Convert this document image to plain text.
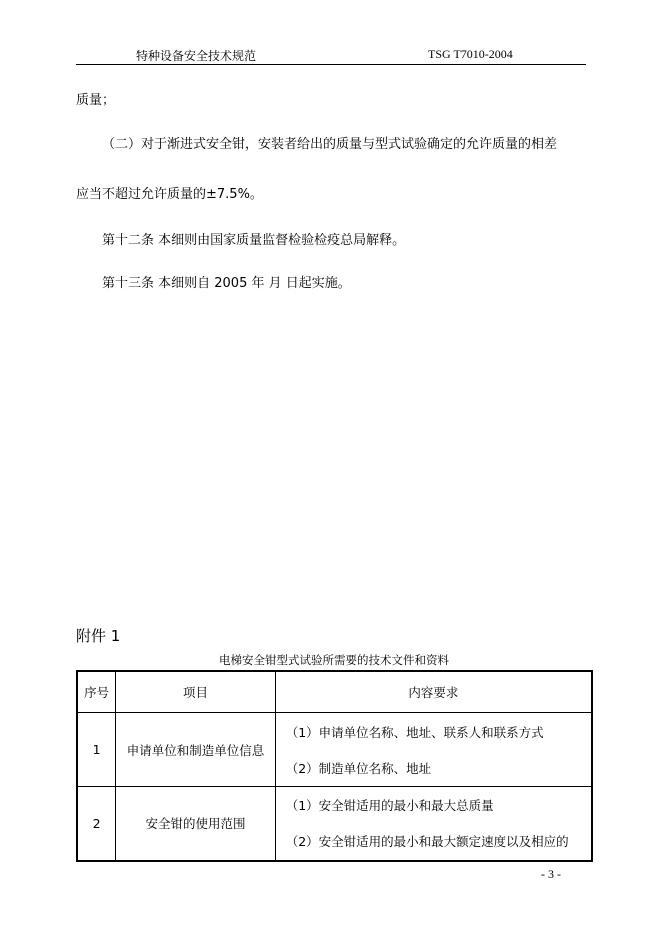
特种设备安全技术规范	TSG T7010-2004
质量；
（二）对于渐进式安全钳，安装者给出的质量与型式试验确定的允许质量的相差
应当不超过允许质量的±7.5%。
第十二条 本细则由国家质量监督检验检疫总局解释。
第十三条 本细则自 2005 年 月 日起实施。
附件 1
电梯安全钳型式试验所需要的技术文件和资料
序号	项目	内容要求
1	申请单位和制造单位信息	（1）申请单位名称、地址、联系人和联系方式
（2）制造单位名称、地址

2	安全钳的使用范围	（1）安全钳适用的最小和最大总质量
（2）安全钳适用的最小和最大额定速度以及相应的
- 3 -
